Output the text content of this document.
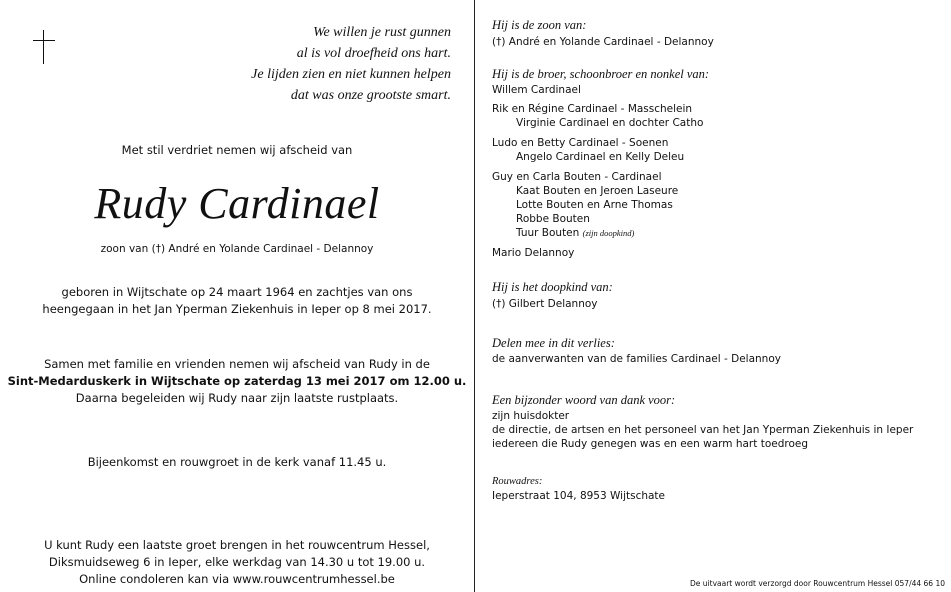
We willen je rust gunnen
al is vol droefheid ons hart.
Je lijden zien en niet kunnen helpen
dat was onze grootste smart.
Met stil verdriet nemen wij afscheid van
Rudy Cardinael
zoon van (†) André en Yolande Cardinael - Delannoy
geboren in Wijtschate op 24 maart 1964 en zachtjes van ons
heengegaan in het Jan Yperman Ziekenhuis in Ieper op 8 mei 2017.
Samen met familie en vrienden nemen wij afscheid van Rudy in de
Sint-Medarduskerk in Wijtschate op zaterdag 13 mei 2017 om 12.00 u.
Daarna begeleiden wij Rudy naar zijn laatste rustplaats.
Bijeenkomst en rouwgroet in de kerk vanaf 11.45 u.
U kunt Rudy een laatste groet brengen in het rouwcentrum Hessel,
Diksmuidseweg 6 in Ieper, elke werkdag van 14.30 u tot 19.00 u.
Online condoleren kan via www.rouwcentrumhessel.be
Hij is de zoon van:
(†) André en Yolande Cardinael - Delannoy
Hij is de broer, schoonbroer en nonkel van:
Willem Cardinael
Rik en Régine Cardinael - Masschelein
Virginie Cardinael en dochter Catho
Ludo en Betty Cardinael - Soenen
Angelo Cardinael en Kelly Deleu
Guy en Carla Bouten - Cardinael
Kaat Bouten en Jeroen Laseure
Lotte Bouten en Arne Thomas
Robbe Bouten
Tuur Bouten (zijn doopkind)
Mario Delannoy
Hij is het doopkind van:
(†) Gilbert Delannoy
Delen mee in dit verlies:
de aanverwanten van de families Cardinael - Delannoy
Een bijzonder woord van dank voor:
zijn huisdokter
de directie, de artsen en het personeel van het Jan Yperman Ziekenhuis in Ieper
iedereen die Rudy genegen was en een warm hart toedroeg
Rouwadres:
Ieperstraat 104, 8953 Wijtschate
De uitvaart wordt verzorgd door Rouwcentrum Hessel 057/44 66 10
